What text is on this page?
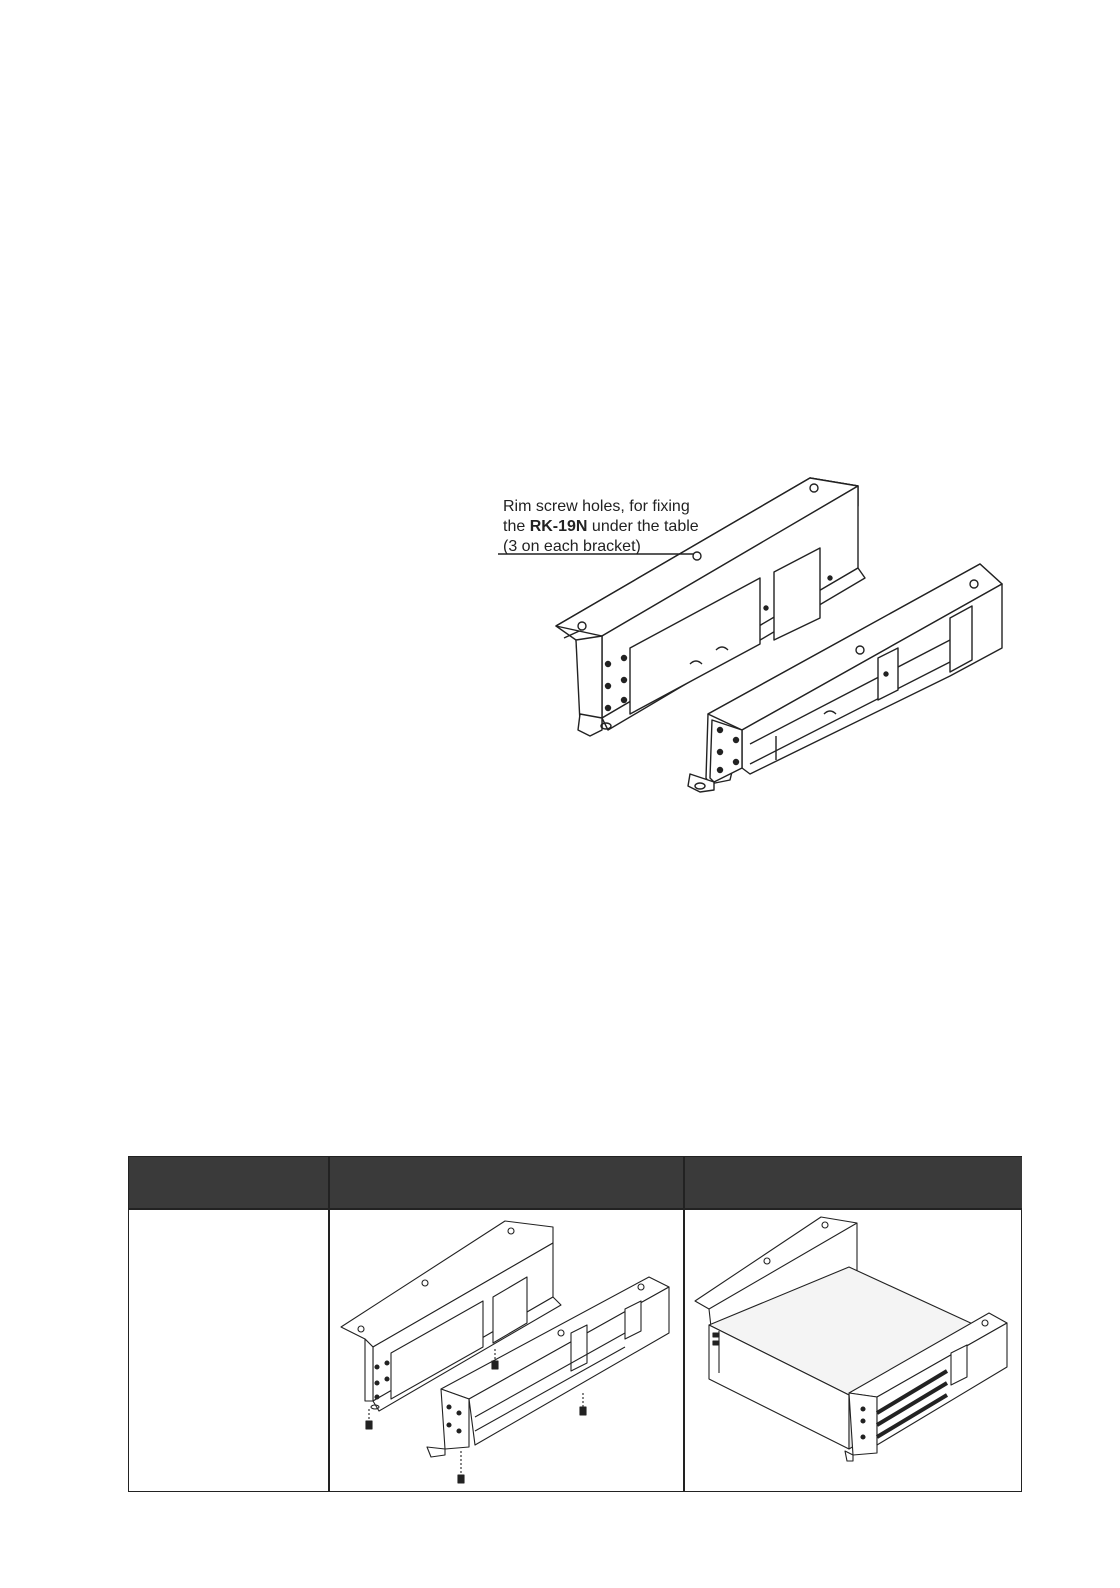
Rim screw holes, for fixing
the RK-19N under the table
(3 on each bracket)
